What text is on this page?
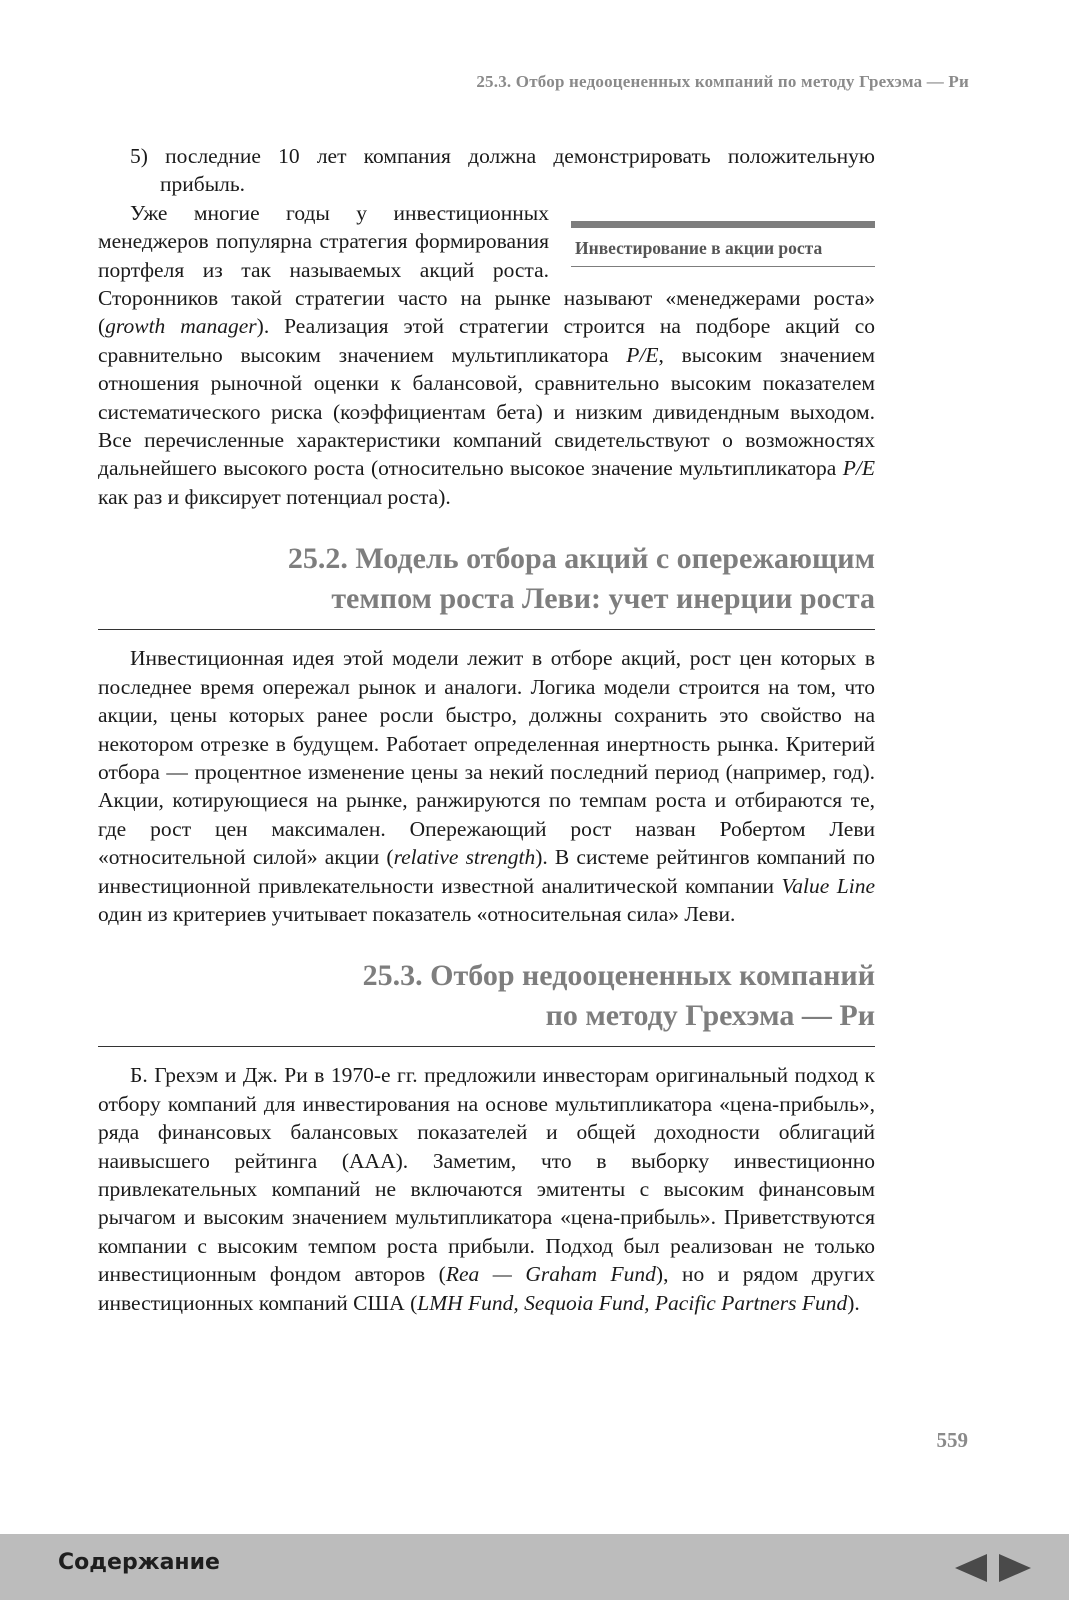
25.3. Отбор недооцененных компаний по методу Грехэма — Ри

5) последние 10 лет компания должна демонстрировать положительную прибыль.

Инвестирование в акции роста

Уже многие годы у инвестиционных менеджеров популярна стратегия формирования портфеля из так называемых акций роста. Сторонников такой стратегии часто на рынке называют «менеджерами роста» (growth manager). Реализация этой стратегии строится на подборе акций со сравнительно высоким значением мультипликатора P/E, высоким значением отношения рыночной оценки к балансовой, сравнительно высоким показателем систематического риска (коэффициентам бета) и низким дивидендным выходом. Все перечисленные характеристики компаний свидетельствуют о возможностях дальнейшего высокого роста (относительно высокое значение мультипликатора P/E как раз и фиксирует потенциал роста).

25.2. Модель отбора акций с опережающим
темпом роста Леви: учет инерции роста

Инвестиционная идея этой модели лежит в отборе акций, рост цен которых в последнее время опережал рынок и аналоги. Логика модели строится на том, что акции, цены которых ранее росли быстро, должны сохранить это свойство на некотором отрезке в будущем. Работает определенная инертность рынка. Критерий отбора — процентное изменение цены за некий последний период (например, год). Акции, котирующиеся на рынке, ранжируются по темпам роста и отбираются те, где рост цен максимален. Опережающий рост назван Робертом Леви «относительной силой» акции (relative strength). В системе рейтингов компаний по инвестиционной привлекательности известной аналитической компании Value Line один из критериев учитывает показатель «относительная сила» Леви.

25.3. Отбор недооцененных компаний
по методу Грехэма — Ри

Б. Грехэм и Дж. Ри в 1970-е гг. предложили инвесторам оригинальный подход к отбору компаний для инвестирования на основе мультипликатора «цена-прибыль», ряда финансовых балансовых показателей и общей доходности облигаций наивысшего рейтинга (AAA). Заметим, что в выборку инвестиционно привлекательных компаний не включаются эмитенты с высоким финансовым рычагом и высоким значением мультипликатора «цена-прибыль». Приветствуются компании с высоким темпом роста прибыли. Подход был реализован не только инвестиционным фондом авторов (Rea — Graham Fund), но и рядом других инвестиционных компаний США (LMH Fund, Sequoia Fund, Pacific Partners Fund).

559
Содержание
